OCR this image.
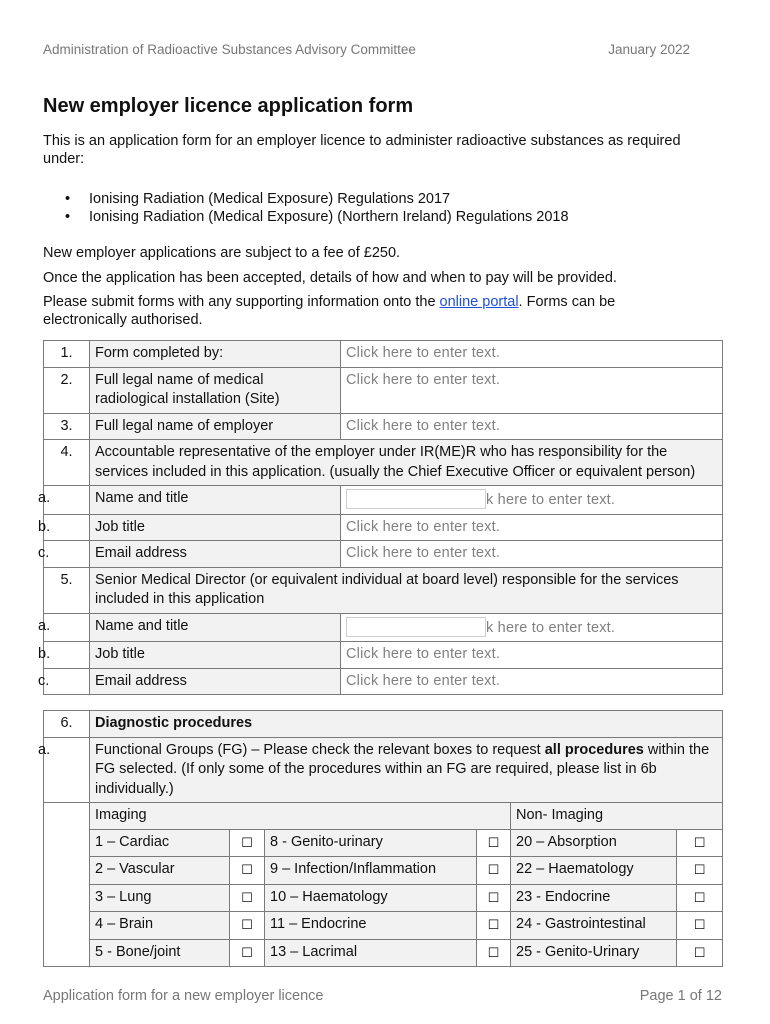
Administration of Radioactive Substances Advisory Committee	January 2022
New employer licence application form

This is an application form for an employer licence to administer radioactive substances as required under:

• Ionising Radiation (Medical Exposure) Regulations 2017
• Ionising Radiation (Medical Exposure) (Northern Ireland) Regulations 2018

New employer applications are subject to a fee of £250.

Once the application has been accepted, details of how and when to pay will be provided.

Please submit forms with any supporting information onto the online portal. Forms can be electronically authorised.

1.	Form completed by:	Click here to enter text.
2.	Full legal name of medical radiological installation (Site)	Click here to enter text.
3.	Full legal name of employer	Click here to enter text.
4.	Accountable representative of the employer under IR(ME)R who has responsibility for the services included in this application. (usually the Chief Executive Officer or equivalent person)	
a.	Name and title	k here to enter text.
b.	Job title	Click here to enter text.
c.	Email address	Click here to enter text.
5.	Senior Medical Director (or equivalent individual at board level) responsible for the services included in this application	
a.	Name and title	k here to enter text.
b.	Job title	Click here to enter text.
c.	Email address	Click here to enter text.
6.	Diagnostic procedures					
a.	Functional Groups (FG) – Please check the relevant boxes to request all procedures within the FG selected. (If only some of the procedures within an FG are required, please list in 6b individually.)					
	Imaging				Non- Imaging	
	1 – Cardiac	☐	8 - Genito-urinary	☐	20 – Absorption	☐
	2 – Vascular	☐	9 – Infection/Inflammation	☐	22 – Haematology	☐
	3 – Lung	☐	10 – Haematology	☐	23 - Endocrine	☐
	4 – Brain	☐	11 – Endocrine	☐	24 - Gastrointestinal	☐
	5 - Bone/joint	☐	13 – Lacrimal	☐	25 - Genito-Urinary	☐
Application form for a new employer licence	Page 1 of 12
